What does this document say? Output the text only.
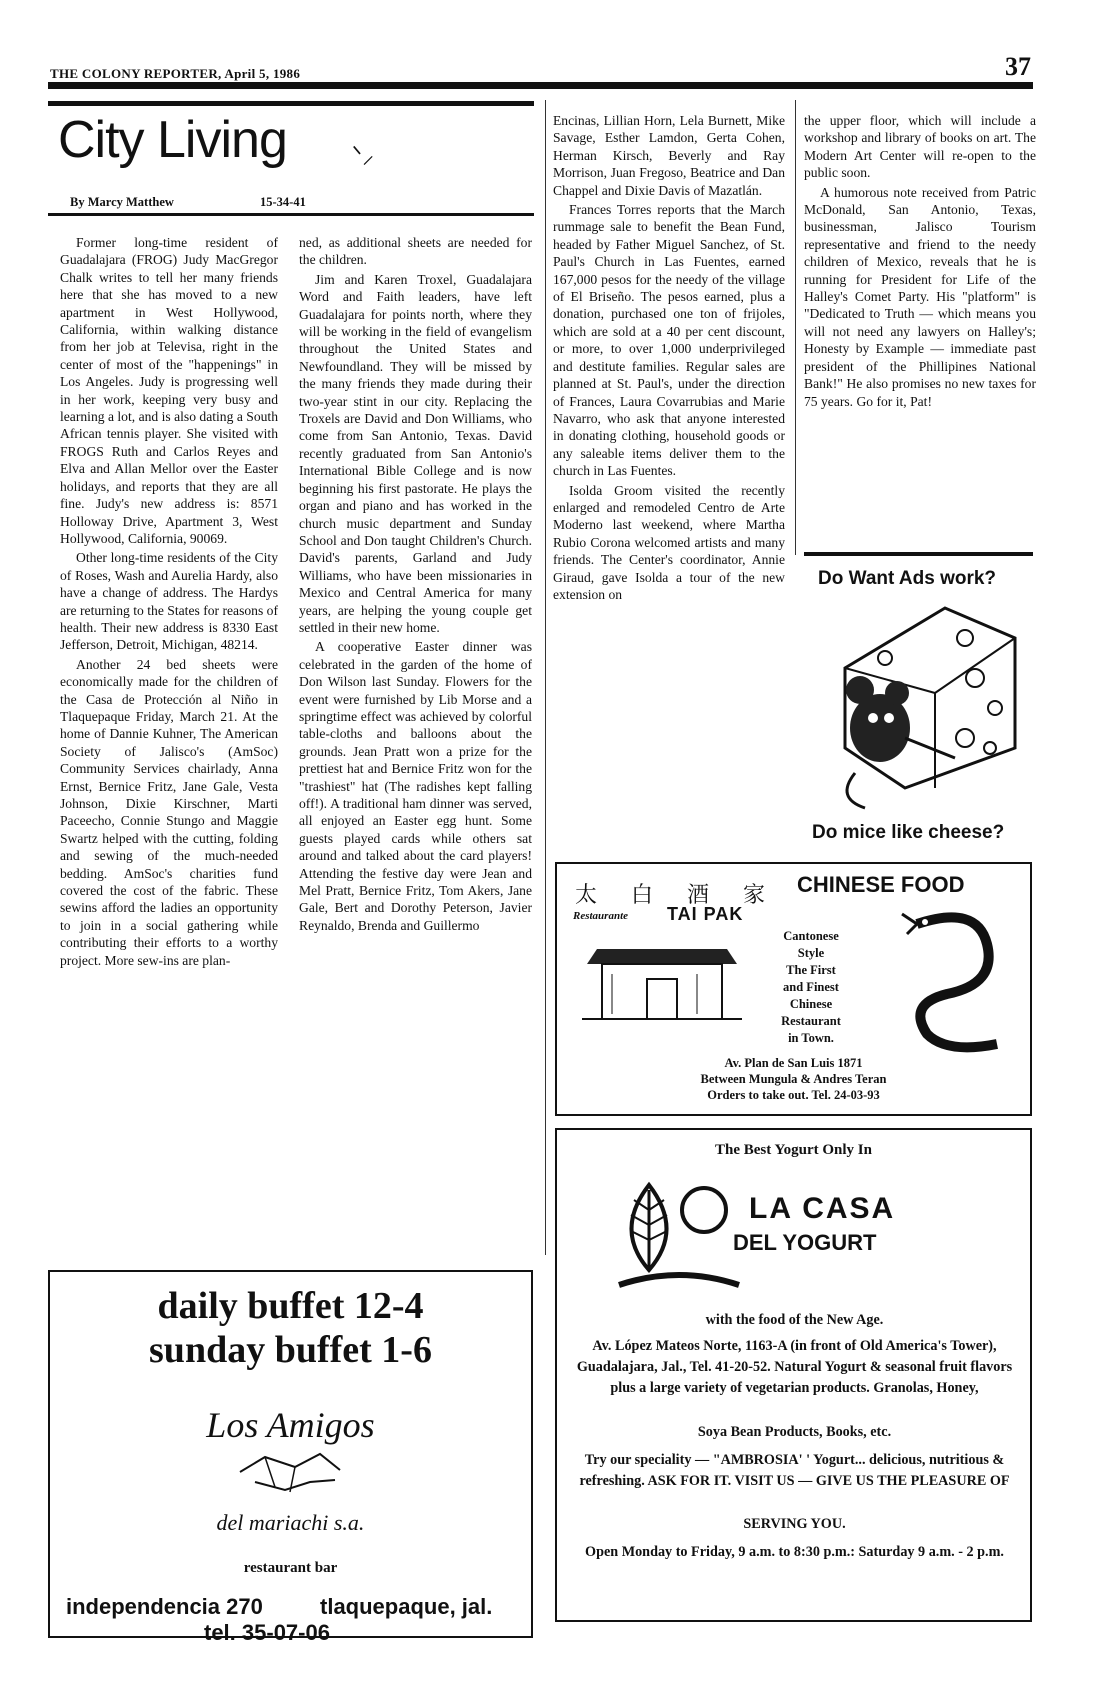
THE COLONY REPORTER, April 5, 1986	37
City Living	ᐠ⸝
By Marcy Matthew	15-34-41

Former long-time resident of Guadalajara (FROG) Judy MacGregor Chalk writes to tell her many friends here that she has moved to a new apartment in West Hollywood, California, within walking distance from her job at Televisa, right in the center of most of the "happenings" in Los Angeles. Judy is progressing well in her work, keeping very busy and learning a lot, and is also dating a South African tennis player. She visited with FROGS Ruth and Carlos Reyes and Elva and Allan Mellor over the Easter holidays, and reports that they are all fine. Judy's new address is: 8571 Holloway Drive, Apartment 3, West Hollywood, California, 90069.

Other long-time residents of the City of Roses, Wash and Aurelia Hardy, also have a change of address. The Hardys are returning to the States for reasons of health. Their new address is 8330 East Jefferson, Detroit, Michigan, 48214.

Another 24 bed sheets were economically made for the children of the Casa de Protección al Niño in Tlaquepaque Friday, March 21. At the home of Dannie Kuhner, The American Society of Jalisco's (AmSoc) Community Services chairlady, Anna Ernst, Bernice Fritz, Jane Gale, Vesta Johnson, Dixie Kirschner, Marti Paceecho, Connie Stungo and Maggie Swartz helped with the cutting, folding and sewing of the much-needed bedding. AmSoc's charities fund covered the cost of the fabric. These sewins afford the ladies an opportunity to join in a social gathering while contributing their efforts to a worthy project. More sew-ins are plan-

ned, as additional sheets are needed for the children.

Jim and Karen Troxel, Guadalajara Word and Faith leaders, have left Guadalajara for points north, where they will be working in the field of evangelism throughout the United States and Newfoundland. They will be missed by the many friends they made during their two-year stint in our city. Replacing the Troxels are David and Don Williams, who come from San Antonio, Texas. David recently graduated from San Antonio's International Bible College and is now beginning his first pastorate. He plays the organ and piano and has worked in the church music department and Sunday School and Don taught Children's Church. David's parents, Garland and Judy Williams, who have been missionaries in Mexico and Central America for many years, are helping the young couple get settled in their new home.

A cooperative Easter dinner was celebrated in the garden of the home of Don Wilson last Sunday. Flowers for the event were furnished by Lib Morse and a springtime effect was achieved by colorful table-cloths and balloons about the grounds. Jean Pratt won a prize for the prettiest hat and Bernice Fritz won for the "trashiest" hat (The radishes kept falling off!). A traditional ham dinner was served, all enjoyed an Easter egg hunt. Some guests played cards while others sat around and talked about the card players! Attending the festive day were Jean and Mel Pratt, Bernice Fritz, Tom Akers, Jane Gale, Bert and Dorothy Peterson, Javier Reynaldo, Brenda and Guillermo

Encinas, Lillian Horn, Lela Burnett, Mike Savage, Esther Lamdon, Gerta Cohen, Herman Kirsch, Beverly and Ray Morrison, Juan Fregoso, Beatrice and Dan Chappel and Dixie Davis of Mazatlán.

Frances Torres reports that the March rummage sale to benefit the Bean Fund, headed by Father Miguel Sanchez, of St. Paul's Church in Las Fuentes, earned 167,000 pesos for the needy of the village of El Briseño. The pesos earned, plus a donation, purchased one ton of frijoles, which are sold at a 40 per cent discount, or more, to over 1,000 underprivileged and destitute families. Regular sales are planned at St. Paul's, under the direction of Frances, Laura Covarrubias and Marie Navarro, who ask that anyone interested in donating clothing, household goods or any saleable items deliver them to the church in Las Fuentes.

Isolda Groom visited the recently enlarged and remodeled Centro de Arte Moderno last weekend, where Martha Rubio Corona welcomed artists and many friends. The Center's coordinator, Annie Giraud, gave Isolda a tour of the new extension on

the upper floor, which will include a workshop and library of books on art. The Modern Art Center will re-open to the public soon.

A humorous note received from Patric McDonald, San Antonio, Texas, businessman, Jalisco Tourism representative and friend to the needy children of Mexico, reveals that he is running for President for Life of the Halley's Comet Party. His "platform" is "Dedicated to Truth — which means you will not need any lawyers on Halley's; Honesty by Example — immediate past president of the Phillipines National Bank!" He also promises no new taxes for 75 years. Go for it, Pat!

Do Want Ads work?
Do mice like cheese?
daily buffet 12-4
sunday buffet 1-6
Los Amigos
del mariachi s.a.
restaurant bar
independencia 270	tlaquepaque, jal.
tel. 35-07-06
太白酒家
Restaurante TAI PAK
CHINESE FOOD
Cantonese
Style
The First
and Finest
Chinese
Restaurant
in Town.
Av. Plan de San Luis 1871
Between Mungula & Andres Teran
Orders to take out. Tel. 24-03-93
The Best Yogurt Only In
LA CASA
DEL YOGURT
with the food of the New Age.
Av. López Mateos Norte, 1163-A (in front of Old America's Tower), Guadalajara, Jal., Tel. 41-20-52. Natural Yogurt & seasonal fruit flavors plus a large variety of vegetarian products. Granolas, Honey,
Soya Bean Products, Books, etc.
Try our speciality — "AMBROSIA' ' Yogurt... delicious, nutritious & refreshing. ASK FOR IT. VISIT US — GIVE US THE PLEASURE OF
SERVING YOU.
Open Monday to Friday, 9 a.m. to 8:30 p.m.: Saturday 9 a.m. - 2 p.m.
